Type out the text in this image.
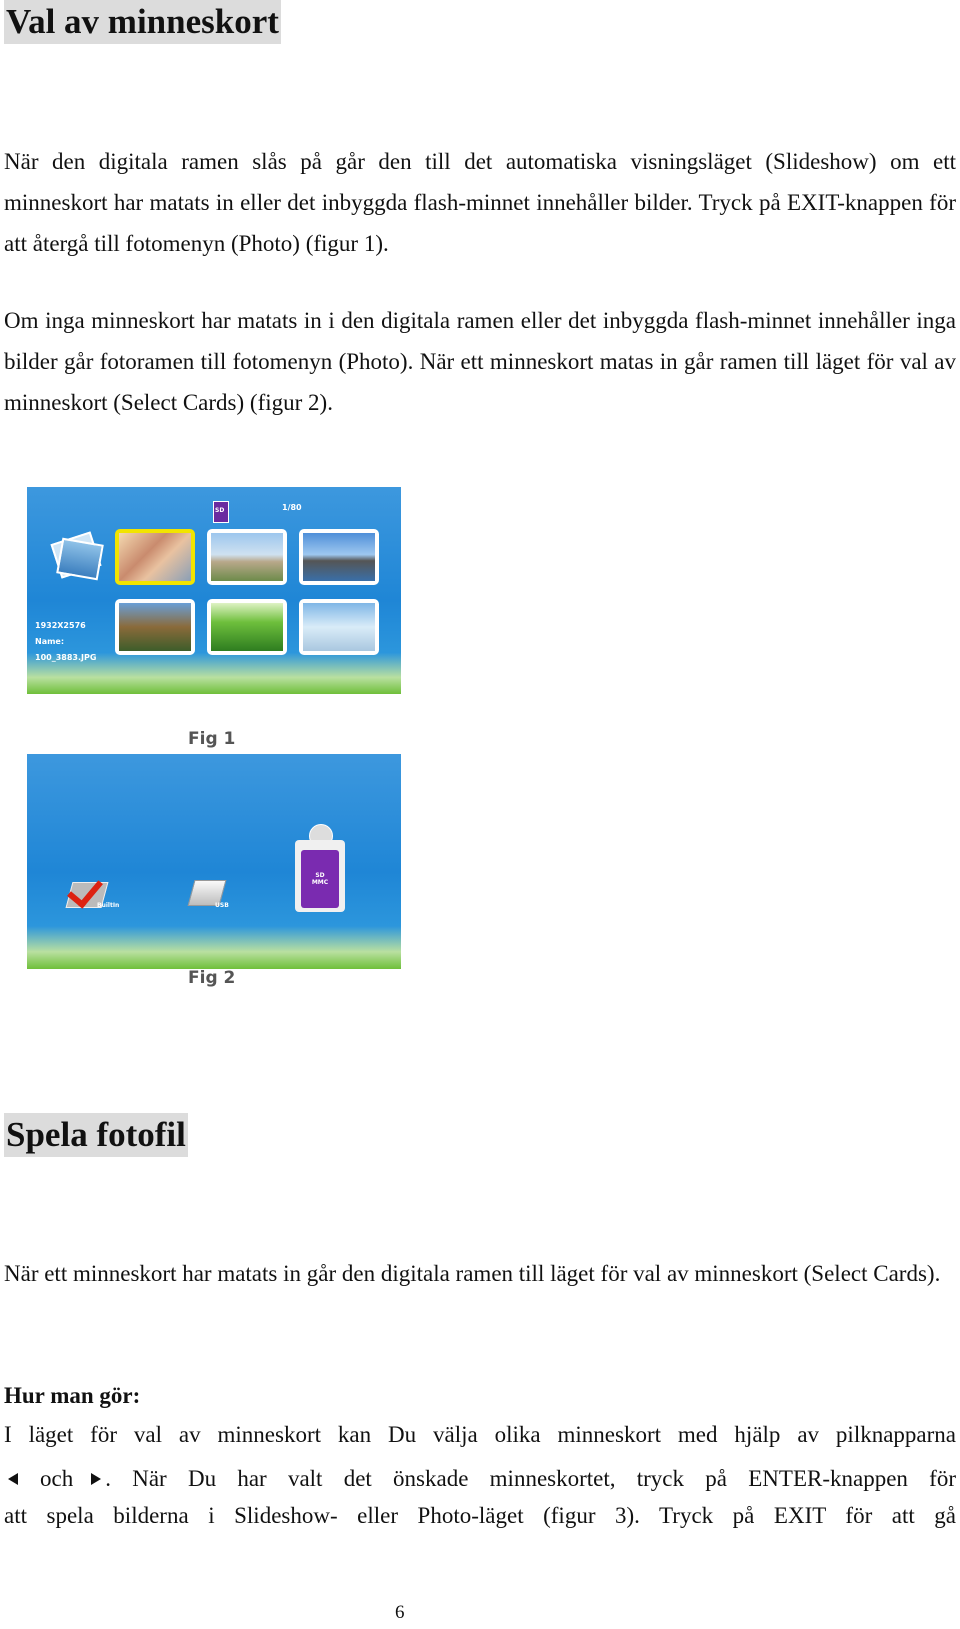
Val av minneskort
När den digitala ramen slås på går den till det automatiska visningsläget (Slideshow) om ett minneskort har matats in eller det inbyggda flash-minnet innehåller bilder. Tryck på EXIT-knappen för att återgå till fotomenyn (Photo) (figur 1).
Om inga minneskort har matats in i den digitala ramen eller det inbyggda flash-minnet innehåller inga bilder går fotoramen till fotomenyn (Photo). När ett minneskort matas in går ramen till läget för val av minneskort (Select Cards) (figur 2).
SD	1/80
1932X2576
Name:
100_3883.JPG
Fig 1
BuiltIn	USB
SD MMC
Fig 2
Spela fotofil
När ett minneskort har matats in går den digitala ramen till läget för val av minneskort (Select Cards).
Hur man gör:
I läget för val av minneskort kan Du välja olika minneskort med hjälp av pilknapparna
och . När Du har valt det önskade minneskortet, tryck på ENTER-knappen för
att spela bilderna i Slideshow- eller Photo-läget (figur 3). Tryck på EXIT för att gå
6
